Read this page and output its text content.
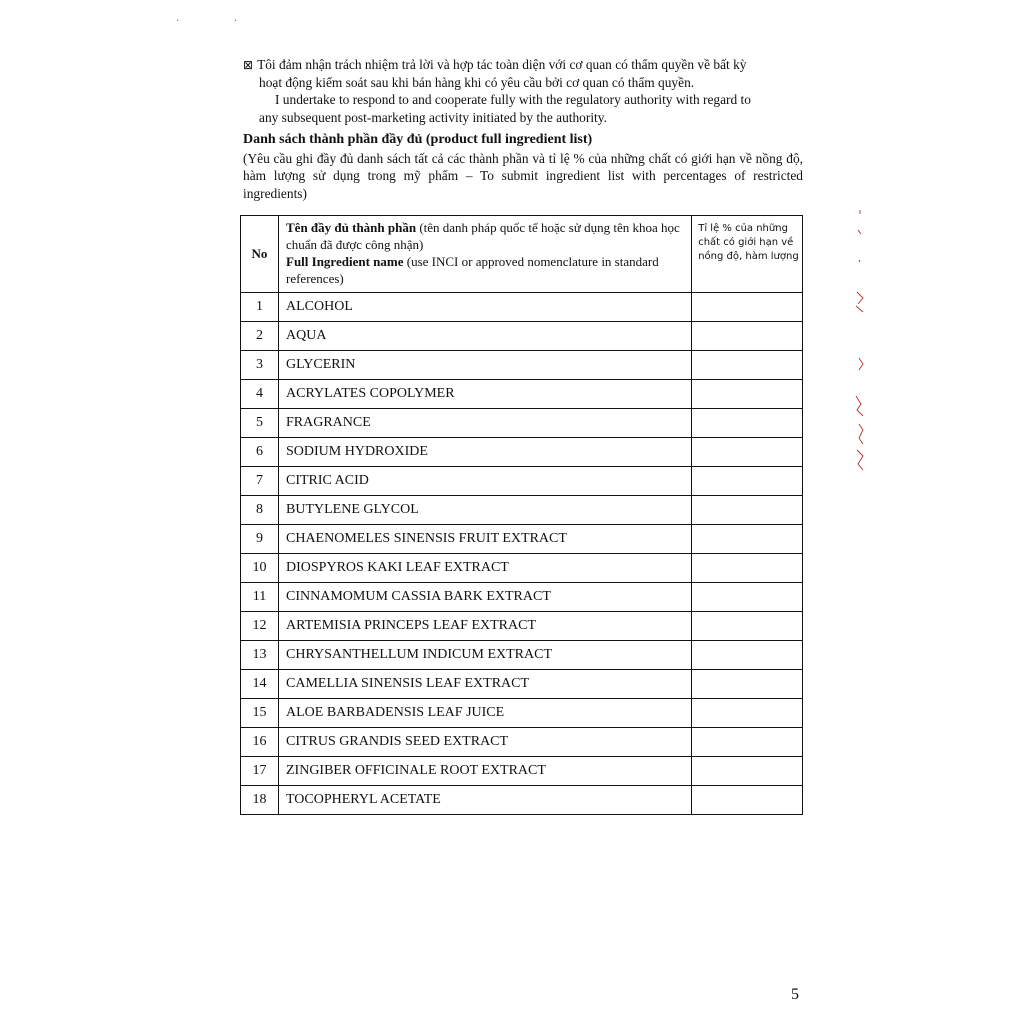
· ·
⊠ Tôi đảm nhận trách nhiệm trả lời và hợp tác toàn diện với cơ quan có thẩm quyền về bất kỳ
hoạt động kiểm soát sau khi bán hàng khi có yêu cầu bởi cơ quan có thẩm quyền.
I undertake to respond to and cooperate fully with the regulatory authority with regard to
any subsequent post-marketing activity initiated by the authority.
Danh sách thành phần đầy đủ (product full ingredient list)
(Yêu cầu ghi đầy đủ danh sách tất cả các thành phần và tỉ lệ % của những chất có giới hạn về nồng độ, hàm lượng sử dụng trong mỹ phẩm – To submit ingredient list with percentages of restricted ingredients)
No	Tên đầy đủ thành phần (tên danh pháp quốc tế hoặc sử dụng tên khoa học chuẩn đã được công nhận)
Full Ingredient name (use INCI or approved nomenclature in standard references)	Tỉ lệ % của những chất có giới hạn về nồng độ, hàm lượng
1	ALCOHOL	
2	AQUA	
3	GLYCERIN	
4	ACRYLATES COPOLYMER	
5	FRAGRANCE	
6	SODIUM HYDROXIDE	
7	CITRIC ACID	
8	BUTYLENE GLYCOL	
9	CHAENOMELES SINENSIS FRUIT EXTRACT	
10	DIOSPYROS KAKI LEAF EXTRACT	
11	CINNAMOMUM CASSIA BARK EXTRACT	
12	ARTEMISIA PRINCEPS LEAF EXTRACT	
13	CHRYSANTHELLUM INDICUM EXTRACT	
14	CAMELLIA SINENSIS LEAF EXTRACT	
15	ALOE BARBADENSIS LEAF JUICE	
16	CITRUS GRANDIS SEED EXTRACT	
17	ZINGIBER OFFICINALE ROOT EXTRACT	
18	TOCOPHERYL ACETATE	
5
